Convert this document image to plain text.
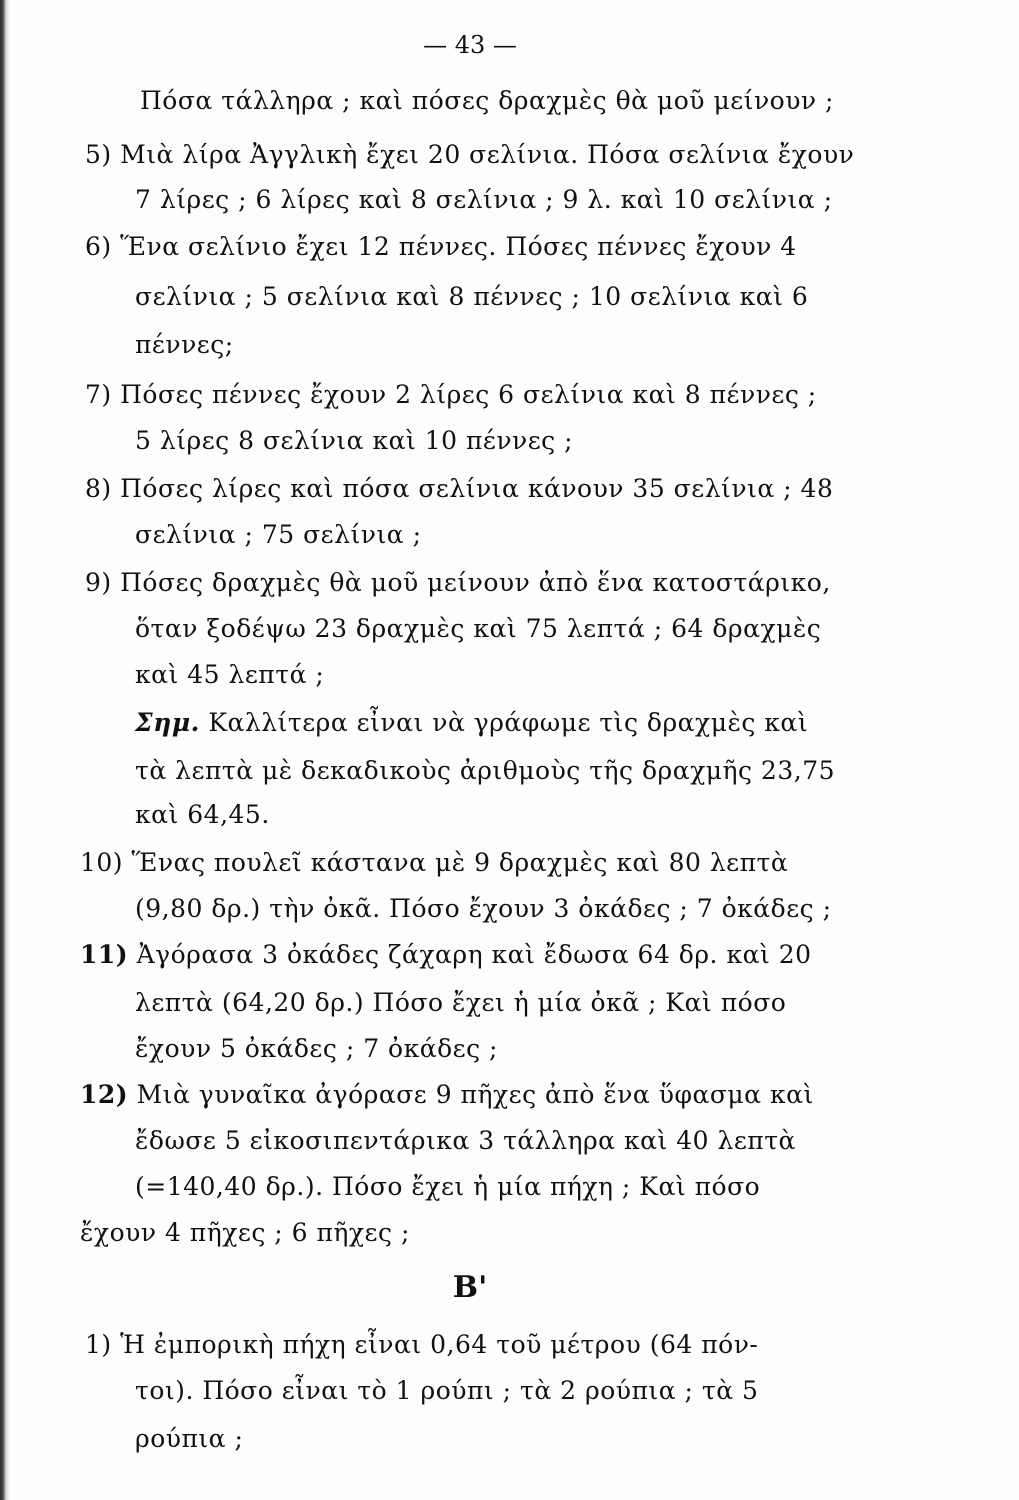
— 43 —
Πόσα τάλληρα ; καὶ πόσες δραχμὲς θὰ μοῦ μείνουν ;
5) Μιὰ λίρα Ἀγγλικὴ ἔχει 20 σελίνια. Πόσα σελίνια ἔχουν
7 λίρες ; 6 λίρες καὶ 8 σελίνια ; 9 λ. καὶ 10 σελίνια ;
6) Ἕνα σελίνιο ἔχει 12 πέννες. Πόσες πέννες ἔχουν 4
σελίνια ; 5 σελίνια καὶ 8 πέννες ; 10 σελίνια καὶ 6
πέννες;
7) Πόσες πέννες ἔχουν 2 λίρες 6 σελίνια καὶ 8 πέννες ;
5 λίρες 8 σελίνια καὶ 10 πέννες ;
8) Πόσες λίρες καὶ πόσα σελίνια κάνουν 35 σελίνια ; 48
σελίνια ; 75 σελίνια ;
9) Πόσες δραχμὲς θὰ μοῦ μείνουν ἀπὸ ἕνα κατοστάρικο,
ὅταν ξοδέψω 23 δραχμὲς καὶ 75 λεπτά ; 64 δραχμὲς
καὶ 45 λεπτά ;
Σημ. Καλλίτερα εἶναι νὰ γράφωμε τὶς δραχμὲς καὶ
τὰ λεπτὰ μὲ δεκαδικοὺς ἀριθμοὺς τῆς δραχμῆς 23,75
καὶ 64,45.
10) Ἕνας πουλεῖ κάστανα μὲ 9 δραχμὲς καὶ 80 λεπτὰ
(9,80 δρ.) τὴν ὀκᾶ. Πόσο ἔχουν 3 ὀκάδες ; 7 ὀκάδες ;
11) Ἀγόρασα 3 ὀκάδες ζάχαρη καὶ ἔδωσα 64 δρ. καὶ 20
λεπτὰ (64,20 δρ.) Πόσο ἔχει ἡ μία ὀκᾶ ; Καὶ πόσο
ἔχουν 5 ὀκάδες ; 7 ὀκάδες ;
12) Μιὰ γυναῖκα ἀγόρασε 9 πῆχες ἀπὸ ἕνα ὕφασμα καὶ
ἔδωσε 5 εἰκοσιπεντάρικα 3 τάλληρα καὶ 40 λεπτὰ
(=140,40 δρ.). Πόσο ἔχει ἡ μία πήχη ; Καὶ πόσο
ἔχουν 4 πῆχες ; 6 πῆχες ;
Β'
1) Ἡ ἐμπορικὴ πήχη εἶναι 0,64 τοῦ μέτρου (64 πόν-
τοι). Πόσο εἶναι τὸ 1 ρούπι ; τὰ 2 ρούπια ; τὰ 5
ρούπια ;
